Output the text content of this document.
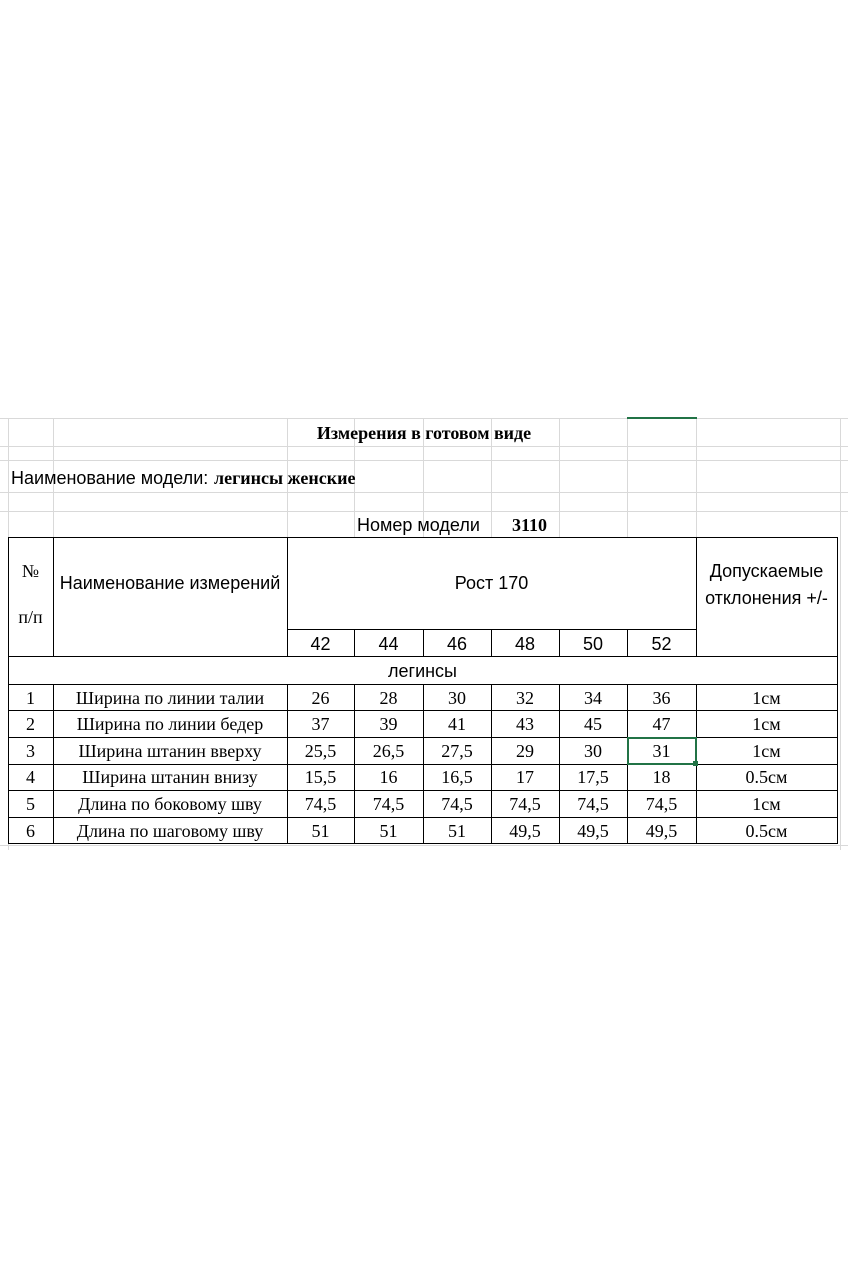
Измерения в готовом виде
Наименование модели: легинсы женские
Номер модели 3110
№
п/п
Наименование измерений	Рост 170
Допускаемые
отклонения +/-
42	44	46	48	50	52
легинсы
1	Ширина по линии талии	26	28	30	32	34	36	1см
2	Ширина по линии бедер	37	39	41	43	45	47	1см
3	Ширина штанин вверху	25,5	26,5	27,5	29	30	31	1см
4	Ширина штанин внизу	15,5	16	16,5	17	17,5	18	0.5см
5	Длина по боковому шву	74,5	74,5	74,5	74,5	74,5	74,5	1см
6	Длина по шаговому шву	51	51	51	49,5	49,5	49,5	0.5см
